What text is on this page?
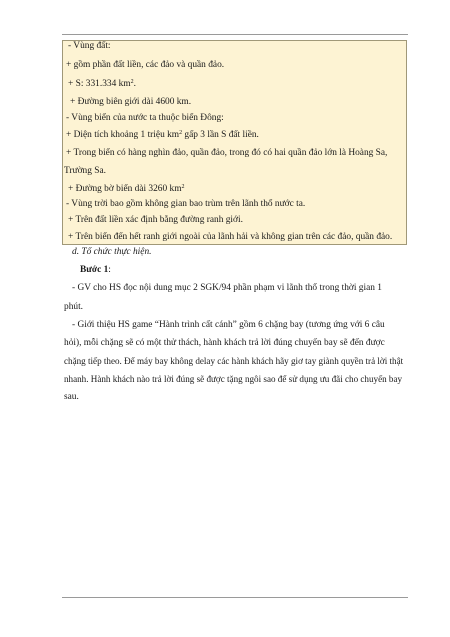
- Vùng đất:
+ gồm phần đất liền, các đảo và quần đảo.
+ S: 331.334 $km^2$.
+ Đường biên giới dài 4600 km.
- Vùng biển của nước ta thuộc biển Đông:
+ Diện tích khoảng 1 triệu $km^2$ gấp 3 lần S đất liền.
+ Trong biển có hàng nghìn đảo, quần đảo, trong đó có hai quần đảo lớn là Hoàng Sa,
Trường Sa.
+ Đường bờ biển dài 3260 $km^2$
- Vùng trời bao gồm không gian bao trùm trên lãnh thổ nước ta.
+ Trên đất liền xác định bằng đường ranh giới.
+ Trên biển đến hết ranh giới ngoài của lãnh hải và không gian trên các đảo, quần đảo.
d. Tổ chức thực hiện.
Bước 1:
- GV cho HS đọc nội dung mục 2 SGK/94 phần phạm vi lãnh thổ trong thời gian 1
phút.
- Giới thiệu HS game “Hành trình cất cánh” gồm 6 chặng bay (tương ứng với 6 câu
hỏi), mỗi chặng sẽ có một thử thách, hành khách trả lời đúng chuyến bay sẽ đến được
chặng tiếp theo. Để máy bay không delay các hành khách hãy giơ tay giành quyền trả lời thật
nhanh. Hành khách nào trả lời đúng sẽ được tặng ngôi sao để sử dụng ưu đãi cho chuyến bay
sau.
